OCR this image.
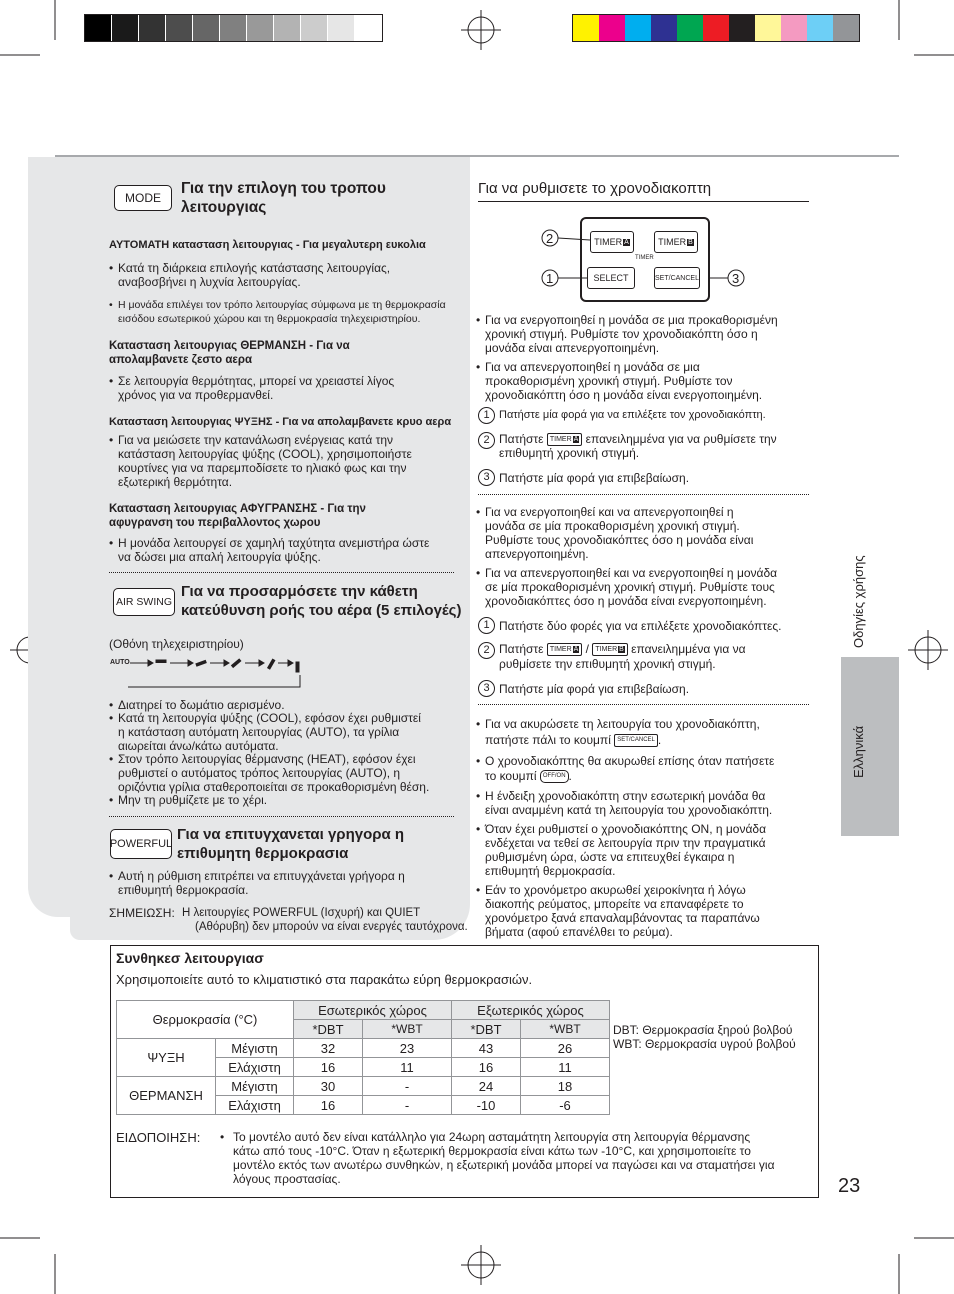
MODE
Για την επιλογη του τροπου
λειτουργιας
ΑΥΤΟΜΑΤΗ κατασταση λειτουργιας - Για μεγαλυτερη ευκολια
• Κατά τη διάρκεια επιλογής κατάστασης λειτουργίας,
αναβοσβήνει η λυχνία λειτουργίας.
• Η μονάδα επιλέγει τον τρόπο λειτουργίας σύμφωνα με τη θερμοκρασία
εισόδου εσωτερικού χώρου και τη θερμοκρασία τηλεχειριστηρίου.
Κατασταση λειτουργιας ΘΕΡΜΑΝΣΗ - Για να
απολαμβανετε ζεστο αερα
• Σε λειτουργία θερμότητας, μπορεί να χρειαστεί λίγος
χρόνος για να προθερμανθεί.
Κατασταση λειτουργιας ΨΥΞΗΣ - Για να απολαμβανετε κρυο αερα
• Για να μειώσετε την κατανάλωση ενέργειας κατά την
κατάσταση λειτουργίας ψύξης (COOL), χρησιμοποιήστε
κουρτίνες για να παρεμποδίσετε το ηλιακό φως και την
εξωτερική θερμότητα.
Κατασταση λειτουργιας ΑΦΥΓΡΑΝΣΗΣ - Για την
αφυγρανση του περιβαλλοντος χωρου
• Η μονάδα λειτουργεί σε χαμηλή ταχύτητα ανεμιστήρα ώστε
να δώσει μια απαλή λειτουργία ψύξης.
AIR SWING
Για να προσαρμόσετε την κάθετη
κατεύθυνση ροής του αέρα (5 επιλογές)
(Οθόνη τηλεχειριστηρίου)
AUTO
• Διατηρεί το δωμάτιο αερισμένο.
• Κατά τη λειτουργία ψύξης (COOL), εφόσον έχει ρυθμιστεί
η κατάσταση αυτόματη λειτουργίας (AUTO), τα γρίλια
αιωρείται άνω/κάτω αυτόματα.
• Στον τρόπο λειτουργίας θέρμανσης (HEAT), εφόσον έχει
ρυθμιστεί ο αυτόματος τρόπος λειτουργίας (AUTO), η
οριζόντια γρίλια σταθεροποιείται σε προκαθορισμένη θέση.
• Μην τη ρυθμίζετε με το χέρι.
POWERFUL
Για να επιτυγχανεται γρηγορα η
επιθυμητη θερμοκρασια
• Αυτή η ρύθμιση επιτρέπει να επιτυγχάνεται γρήγορα η
επιθυμητή θερμοκρασία.
ΣΗΜΕΙΩΣΗ: Η λειτουργίες POWERFUL (Ισχυρή) και QUIET
(Αθόρυβη) δεν μπορούν να είναι ενεργές ταυτόχρονα.
Για να ρυθμισετε το χρονοδιακοπτη
TIMER A	TIMER B
TIMER
SELECT	SET/CANCEL
2
1	3
• Για να ενεργοποιηθεί η μονάδα σε μια προκαθορισμένη
χρονική στιγμή. Ρυθμίστε τον χρονοδιακόπτη όσο η
μονάδα είναι απενεργοποιημένη.
• Για να απενεργοποιηθεί η μονάδα σε μια
προκαθορισμένη χρονική στιγμή. Ρυθμίστε τον
χρονοδιακόπτη όσο η μονάδα είναι ενεργοποιημένη.
1 Πατήστε μία φορά για να επιλέξετε τον χρονοδιακόπτη.
2 Πατήστε TIMER A επανειλημμένα για να ρυθμίσετε την
επιθυμητή χρονική στιγμή.
3 Πατήστε μία φορά για επιβεβαίωση.
• Για να ενεργοποιηθεί και να απενεργοποιηθεί η
μονάδα σε μία προκαθορισμένη χρονική στιγμή.
Ρυθμίστε τους χρονοδιακόπτες όσο η μονάδα είναι
απενεργοποιημένη.
• Για να απενεργοποιηθεί και να ενεργοποιηθεί η μονάδα
σε μία προκαθορισμένη χρονική στιγμή. Ρυθμίστε τους
χρονοδιακόπτες όσο η μονάδα είναι ενεργοποιημένη.
1 Πατήστε δύο φορές για να επιλέξετε χρονοδιακόπτες.
2 Πατήστε TIMER A / TIMER B επανειλημμένα για να
ρυθμίσετε την επιθυμητή χρονική στιγμή.
3 Πατήστε μία φορά για επιβεβαίωση.
• Για να ακυρώσετε τη λειτουργία του χρονοδιακόπτη,
πατήστε πάλι το κουμπί SET/CANCEL .
• Ο χρονοδιακόπτης θα ακυρωθεί επίσης όταν πατήσετε
το κουμπί OFF/ON .
• Η ένδειξη χρονοδιακόπτη στην εσωτερική μονάδα θα
είναι αναμμένη κατά τη λειτουργία του χρονοδιακόπτη.
• Όταν έχει ρυθμιστεί ο χρονοδιακόπτης ON, η μονάδα
ενδέχεται να τεθεί σε λειτουργία πριν την πραγματικά
ρυθμισμένη ώρα, ώστε να επιτευχθεί έγκαιρα η
επιθυμητή θερμοκρασία.
• Εάν το χρονόμετρο ακυρωθεί χειροκίνητα ή λόγω
διακοπής ρεύματος, μπορείτε να επαναφέρετε το
χρονόμετρο ξανά επαναλαμβάνοντας τα παραπάνω
βήματα (αφού επανέλθει το ρεύμα).
Οδηγίες χρήσης
Ελληνικά
Συνθηκεσ λειτουργιασ
Χρησιμοποιείτε αυτό το κλιματιστικό στα παρακάτω εύρη θερμοκρασιών.
Θερμοκρασία (°C)		Εσωτερικός χώρος		Εξωτερικός χώρος	
		*DBT	*WBT	*DBT	*WBT
ΨΥΞΗ	Μέγιστη	32	23	43	26
	Ελάχιστη	16	11	16	11
ΘΕΡΜΑΝΣΗ	Μέγιστη	30	-	24	18
	Ελάχιστη	16	-	-10	-6
DBT: Θερμοκρασία ξηρού βολβού
WBT: Θερμοκρασία υγρού βολβού
ΕΙΔΟΠΟΙΗΣΗ: • Το μοντέλο αυτό δεν είναι κατάλληλο για 24ωρη ασταμάτητη λειτουργία στη λειτουργία θέρμανσης
κάτω από τους -10°C. Όταν η εξωτερική θερμοκρασία είναι κάτω των -10°C, και χρησιμοποιείτε το
μοντέλο εκτός των ανωτέρω συνθηκών, η εξωτερική μονάδα μπορεί να παγώσει και να σταματήσει για
λόγους προστασίας.	23
